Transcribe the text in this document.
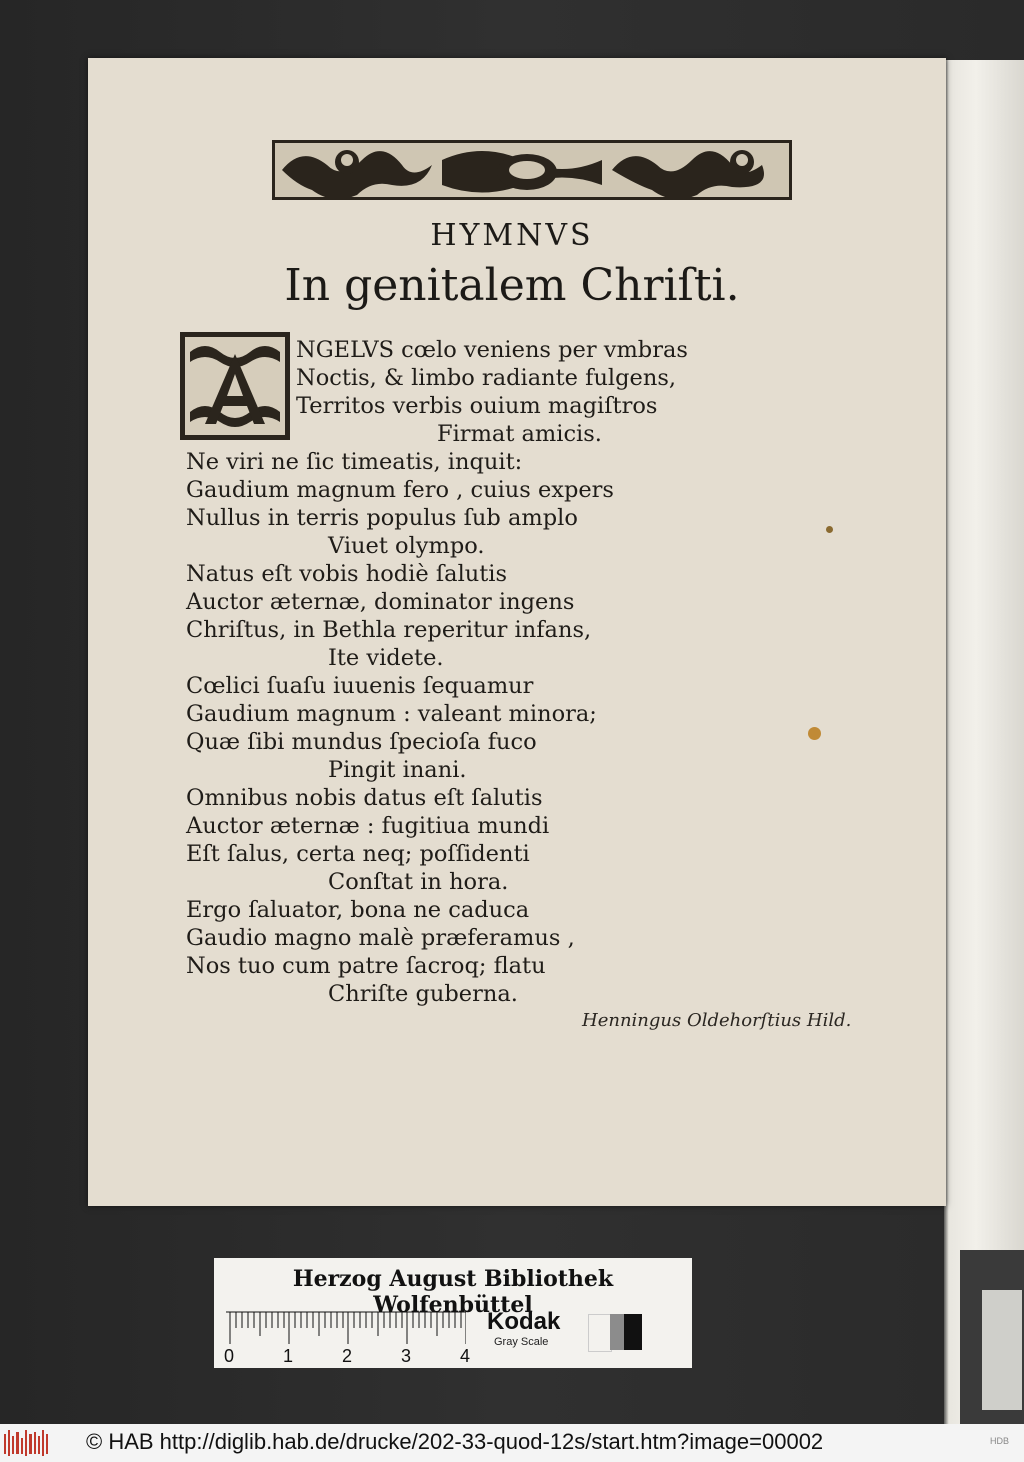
HYMNVS
In genitalem Chriſti.
NGELVS cœlo veniens per vmbras
Noctis, & limbo radiante fulgens,
Territos verbis ouium magiſtros
Firmat amicis.
Ne viri ne ſic timeatis, inquit:
Gaudium magnum fero , cuius expers
Nullus in terris populus ſub amplo
Viuet olympo.
Natus eſt vobis hodiè ſalutis
Auctor æternæ, dominator ingens
Chriſtus, in Bethla reperitur infans,
Ite videte.
Cœlici ſuaſu iuuenis ſequamur
Gaudium magnum : valeant minora;
Quæ ſibi mundus ſpecioſa fuco
Pingit inani.
Omnibus nobis datus eſt ſalutis
Auctor æternæ : fugitiua mundi
Eſt ſalus, certa neq; poſſidenti
Conſtat in hora.
Ergo ſaluator, bona ne caduca
Gaudio magno malè præferamus ,
Nos tuo cum patre ſacroq; flatu
Chriſte guberna.
Henningus Oldehorſtius Hild.
Herzog August Bibliothek Wolfenbüttel
0	1	2	3	4
Kodak
Gray Scale
© HAB http://diglib.hab.de/drucke/202-33-quod-12s/start.htm?image=00002	HDB
